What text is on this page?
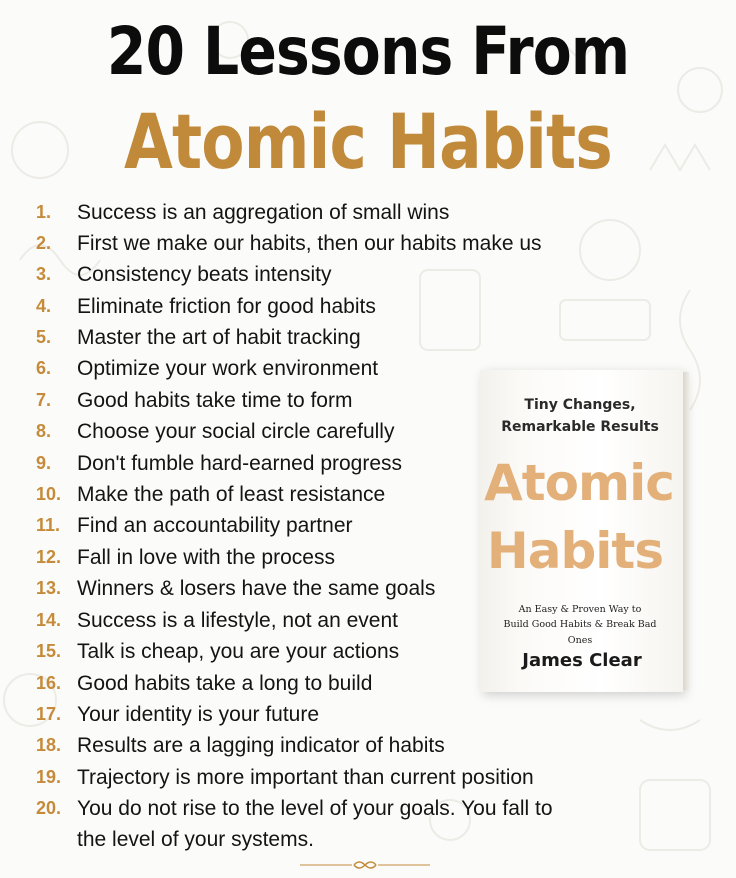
20 Lessons From
Atomic Habits
1.	Success is an aggregation of small wins
2.	First we make our habits, then our habits make us
3.	Consistency beats intensity
4.	Eliminate friction for good habits
5.	Master the art of habit tracking
6.	Optimize your work environment
7.	Good habits take time to form
8.	Choose your social circle carefully
9.	Don't fumble hard-earned progress
10. Make the path of least resistance
11. Find an accountability partner
12. Fall in love with the process
13. Winners & losers have the same goals
14. Success is a lifestyle, not an event
15. Talk is cheap, you are your actions
16. Good habits take a long to build
17. Your identity is your future
18. Results are a lagging indicator of habits
19. Trajectory is more important than current position
20. You do not rise to the level of your goals. You fall to
the level of your systems.
Tiny Changes,
Remarkable Results
Atomic
Habits
An Easy & Proven Way to
Build Good Habits & Break Bad Ones
James Clear
